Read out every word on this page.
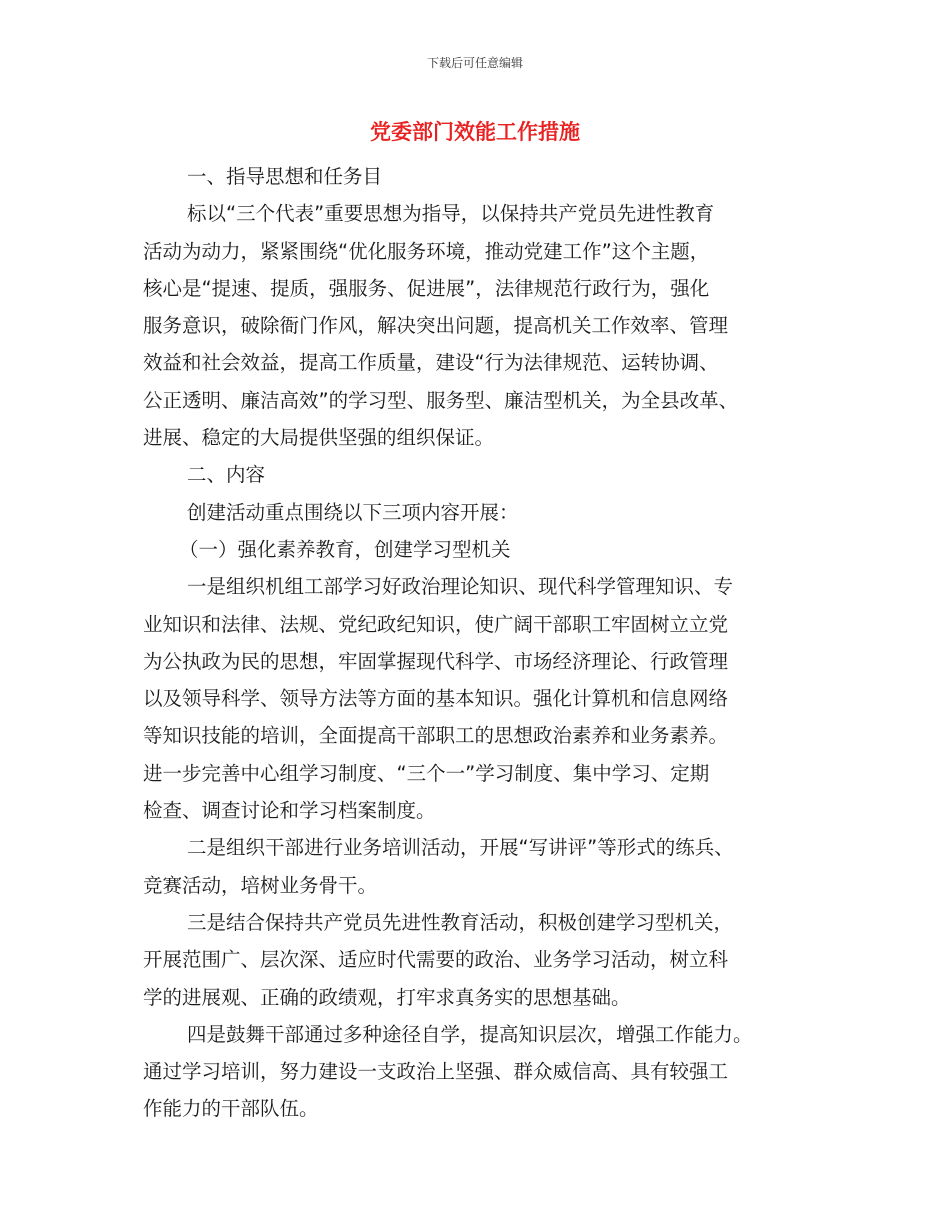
下载后可任意编辑
党委部门效能工作措施
一、指导思想和任务目
标以“三个代表”重要思想为指导，以保持共产党员先进性教育
活动为动力，紧紧围绕“优化服务环境，推动党建工作”这个主题，
核心是“提速、提质，强服务、促进展”，法律规范行政行为，强化
服务意识，破除衙门作风，解决突出问题，提高机关工作效率、管理
效益和社会效益，提高工作质量，建设“行为法律规范、运转协调、
公正透明、廉洁高效”的学习型、服务型、廉洁型机关，为全县改革、
进展、稳定的大局提供坚强的组织保证。
二、内容
创建活动重点围绕以下三项内容开展：
（一）强化素养教育，创建学习型机关
一是组织机组工部学习好政治理论知识、现代科学管理知识、专
业知识和法律、法规、党纪政纪知识，使广阔干部职工牢固树立立党
为公执政为民的思想，牢固掌握现代科学、市场经济理论、行政管理
以及领导科学、领导方法等方面的基本知识。强化计算机和信息网络
等知识技能的培训，全面提高干部职工的思想政治素养和业务素养。
进一步完善中心组学习制度、“三个一”学习制度、集中学习、定期
检查、调查讨论和学习档案制度。
二是组织干部进行业务培训活动，开展“写讲评”等形式的练兵、
竞赛活动，培树业务骨干。
三是结合保持共产党员先进性教育活动，积极创建学习型机关，
开展范围广、层次深、适应时代需要的政治、业务学习活动，树立科
学的进展观、正确的政绩观，打牢求真务实的思想基础。
四是鼓舞干部通过多种途径自学，提高知识层次，增强工作能力。
通过学习培训，努力建设一支政治上坚强、群众威信高、具有较强工
作能力的干部队伍。
